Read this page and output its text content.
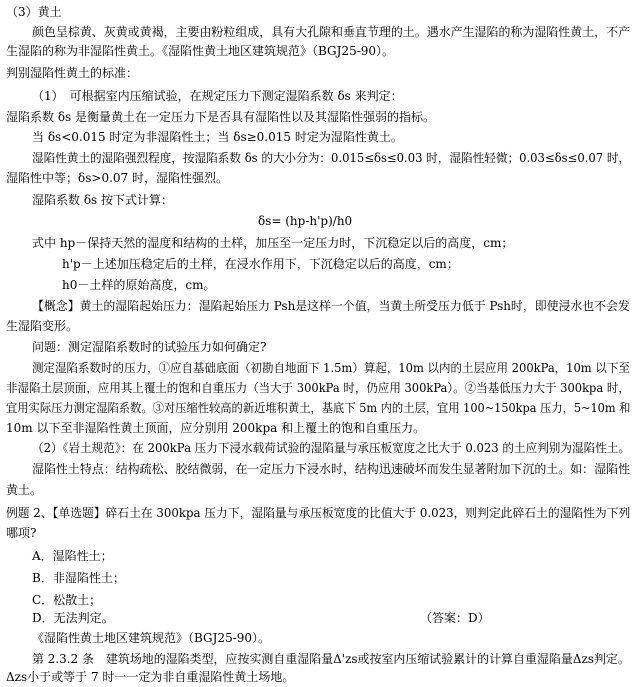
（3）黄土
颜色呈棕黄、灰黄或黄褐，主要由粉粒组成，具有大孔隙和垂直节理的土。遇水产生湿陷的称为湿陷性黄土，不产
生湿陷的称为非湿陷性黄土。《湿陷性黄土地区建筑规范》（BGJ25-90）。
判别湿陷性黄土的标准：
（1）　可根据室内压缩试验，在规定压力下测定湿陷系数 δs 来判定：
湿陷系数 δs 是衡量黄土在一定压力下是否具有湿陷性以及其湿陷性强弱的指标。
当 δs<0.015 时定为非湿陷性土；当 δs≥0.015 时定为湿陷性黄土。
湿陷性黄土的湿陷强烈程度，按湿陷系数 δs 的大小分为：0.015≤δs≤0.03 时，湿陷性轻微；0.03≤δs≤0.07 时，
湿陷性中等；δs>0.07 时，湿陷性强烈。
湿陷系数 δs 按下式计算：
δs= (hp-h'p)/h0
式中 hp－保持天然的湿度和结构的土样，加压至一定压力时，下沉稳定以后的高度，cm；
h'p－上述加压稳定后的土样，在浸水作用下，下沉稳定以后的高度，cm；
h0－土样的原始高度，cm。
【概念】黄土的湿陷起始压力：湿陷起始压力 Psh是这样一个值，当黄土所受压力低于 Psh时，即使浸水也不会发
生湿陷变形。
问题：测定湿陷系数时的试验压力如何确定?
测定湿陷系数时的压力，①应自基础底面（初勘自地面下 1.5m）算起，10m 以内的土层应用 200kPa，10m 以下至
非湿陷土层顶面，应用其上覆土的饱和自重压力（当大于 300kPa 时，仍应用 300kPa）。②当基低压力大于 300kpa 时，
宜用实际压力测定湿陷系数。③对压缩性较高的新近堆积黄土，基底下 5m 内的土层，宜用 100~150kpa 压力，5~10m 和
10m 以下至非湿陷性黄土顶面，应分别用 200kpa 和上覆土的饱和自重压力。
（2）《岩土规范》：在 200kPa 压力下浸水载荷试验的湿陷量与承压板宽度之比大于 0.023 的土应判别为湿陷性土。
湿陷性土特点：结构疏松、胶结微弱，在一定压力下浸水时，结构迅速破坏而发生显著附加下沉的土。如：湿陷性
黄土。
例题 2、【单选题】碎石土在 300kpa 压力下，湿陷量与承压板宽度的比值大于 0.023，则判定此碎石土的湿陷性为下列
哪项?
A．湿陷性土；
B．非湿陷性土；
C．松散土；
D．无法判定。	（答案：D）
《湿陷性黄土地区建筑规范》（BGJ25-90）。
第 2.3.2 条　建筑场地的湿陷类型，应按实测自重湿陷量Δ'zs或按室内压缩试验累计的计算自重湿陷量Δzs判定。
Δzs小于或等于 7 时一一定为非自重湿陷性黄土场地。
